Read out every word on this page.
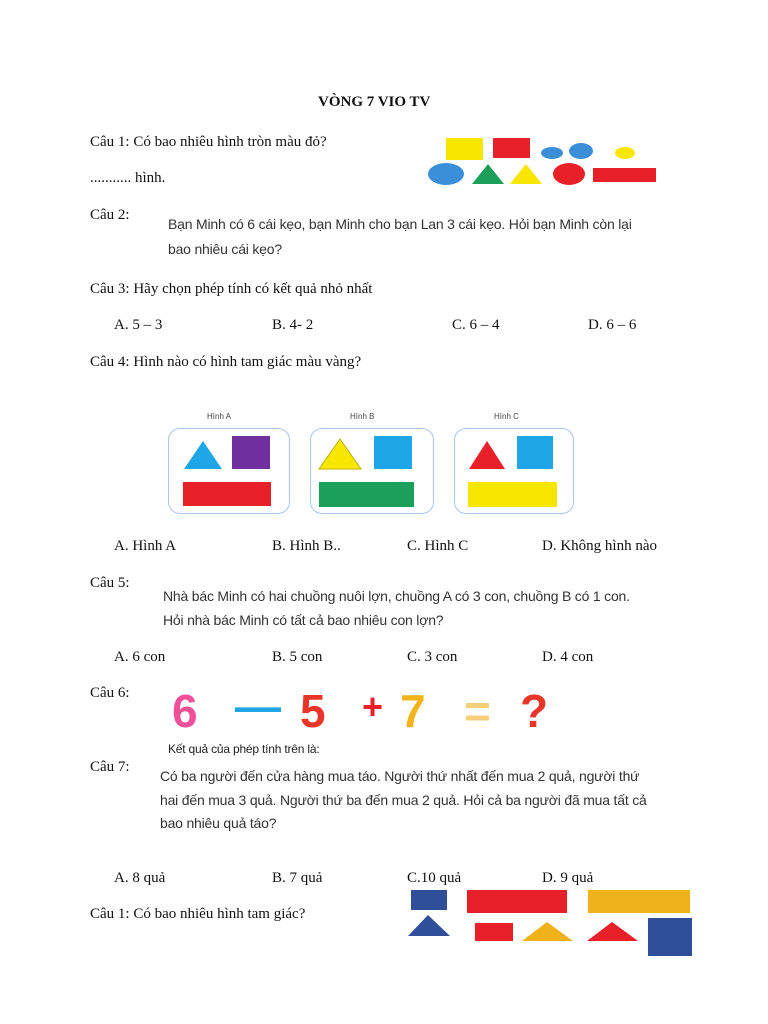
VÒNG 7 VIO TV
Câu 1: Có bao nhiêu hình tròn màu đỏ?
........... hình.
Câu 2:
Bạn Minh có 6 cái kẹo, bạn Minh cho bạn Lan 3 cái kẹo. Hỏi bạn Minh còn lại
bao nhiêu cái kẹo?
Câu 3: Hãy chọn phép tính có kết quả nhỏ nhất
A. 5 – 3	B. 4- 2	C. 6 – 4	D. 6 – 6
Câu 4: Hình nào có hình tam giác màu vàng?
Hình A	Hình B	Hình C
A. Hình A	B. Hình B..	C. Hình C	D. Không hình nào
Câu 5:
Nhà bác Minh có hai chuồng nuôi lợn, chuồng A có 3 con, chuồng B có 1 con.
Hỏi nhà bác Minh có tất cả bao nhiêu con lợn?
A. 6 con	B. 5 con	C. 3 con	D. 4 con
Câu 6: 6 — 5 + 7 = ?
Kết quả của phép tính trên là:
Câu 7:
Có ba người đến cửa hàng mua táo. Người thứ nhất đến mua 2 quả, người thứ
hai đến mua 3 quả. Người thứ ba đến mua 2 quả. Hỏi cả ba người đã mua tất cả
bao nhiêu quả táo?
A. 8 quả	B. 7 quả	C.10 quả	D. 9 quả
Câu 1: Có bao nhiêu hình tam giác?
